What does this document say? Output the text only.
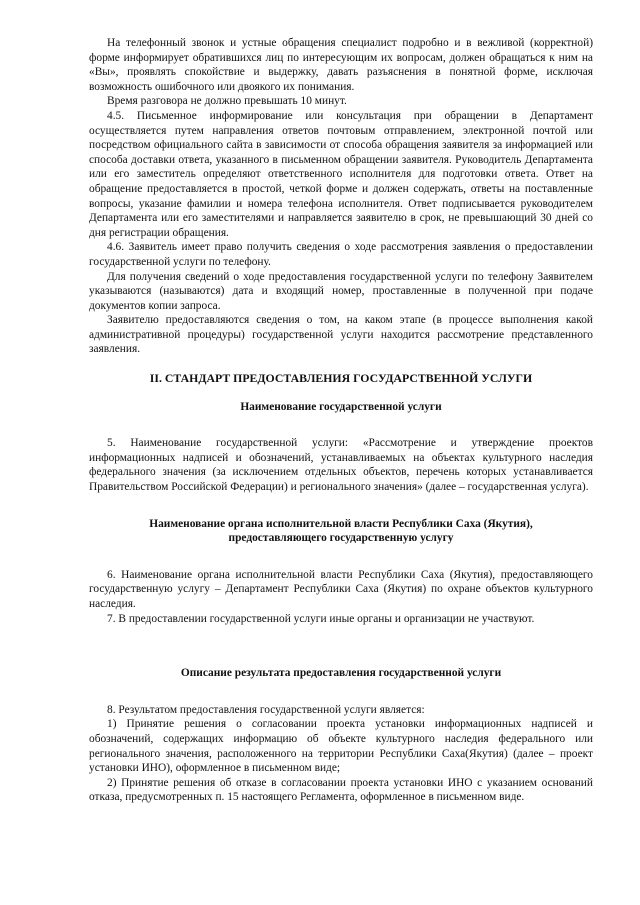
На телефонный звонок и устные обращения специалист подробно и в вежливой (корректной) форме информирует обратившихся лиц по интересующим их вопросам, должен обращаться к ним на «Вы», проявлять спокойствие и выдержку, давать разъяснения в понятной форме, исключая возможность ошибочного или двоякого их понимания.

Время разговора не должно превышать 10 минут.

4.5. Письменное информирование или консультация при обращении в Департамент осуществляется путем направления ответов почтовым отправлением, электронной почтой или посредством официального сайта в зависимости от способа обращения заявителя за информацией или способа доставки ответа, указанного в письменном обращении заявителя. Руководитель Департамента или его заместитель определяют ответственного исполнителя для подготовки ответа. Ответ на обращение предоставляется в простой, четкой форме и должен содержать, ответы на поставленные вопросы, указание фамилии и номера телефона исполнителя. Ответ подписывается руководителем Департамента или его заместителями и направляется заявителю в срок, не превышающий 30 дней со дня регистрации обращения.

4.6. Заявитель имеет право получить сведения о ходе рассмотрения заявления о предоставлении государственной услуги по телефону.

Для получения сведений о ходе предоставления государственной услуги по телефону Заявителем указываются (называются) дата и входящий номер, проставленные в полученной при подаче документов копии запроса.

Заявителю предоставляются сведения о том, на каком этапе (в процессе выполнения какой административной процедуры) государственной услуги находится рассмотрение представленного заявления.

II. СТАНДАРТ ПРЕДОСТАВЛЕНИЯ ГОСУДАРСТВЕННОЙ УСЛУГИ

Наименование государственной услуги

5. Наименование государственной услуги: «Рассмотрение и утверждение проектов информационных надписей и обозначений, устанавливаемых на объектах культурного наследия федерального значения (за исключением отдельных объектов, перечень которых устанавливается Правительством Российской Федерации) и регионального значения» (далее – государственная услуга).

Наименование органа исполнительной власти Республики Саха (Якутия),
предоставляющего государственную услугу

6. Наименование органа исполнительной власти Республики Саха (Якутия), предоставляющего государственную услугу – Департамент Республики Саха (Якутия) по охране объектов культурного наследия.

7. В предоставлении государственной услуги иные органы и организации не участвуют.

Описание результата предоставления государственной услуги

8. Результатом предоставления государственной услуги является:

1) Принятие решения о согласовании проекта установки информационных надписей и обозначений, содержащих информацию об объекте культурного наследия федерального или регионального значения, расположенного на территории Республики Саха(Якутия) (далее – проект установки ИНО), оформленное в письменном виде;

2) Принятие решения об отказе в согласовании проекта установки ИНО с указанием оснований отказа, предусмотренных п. 15 настоящего Регламента, оформленное в письменном виде.
